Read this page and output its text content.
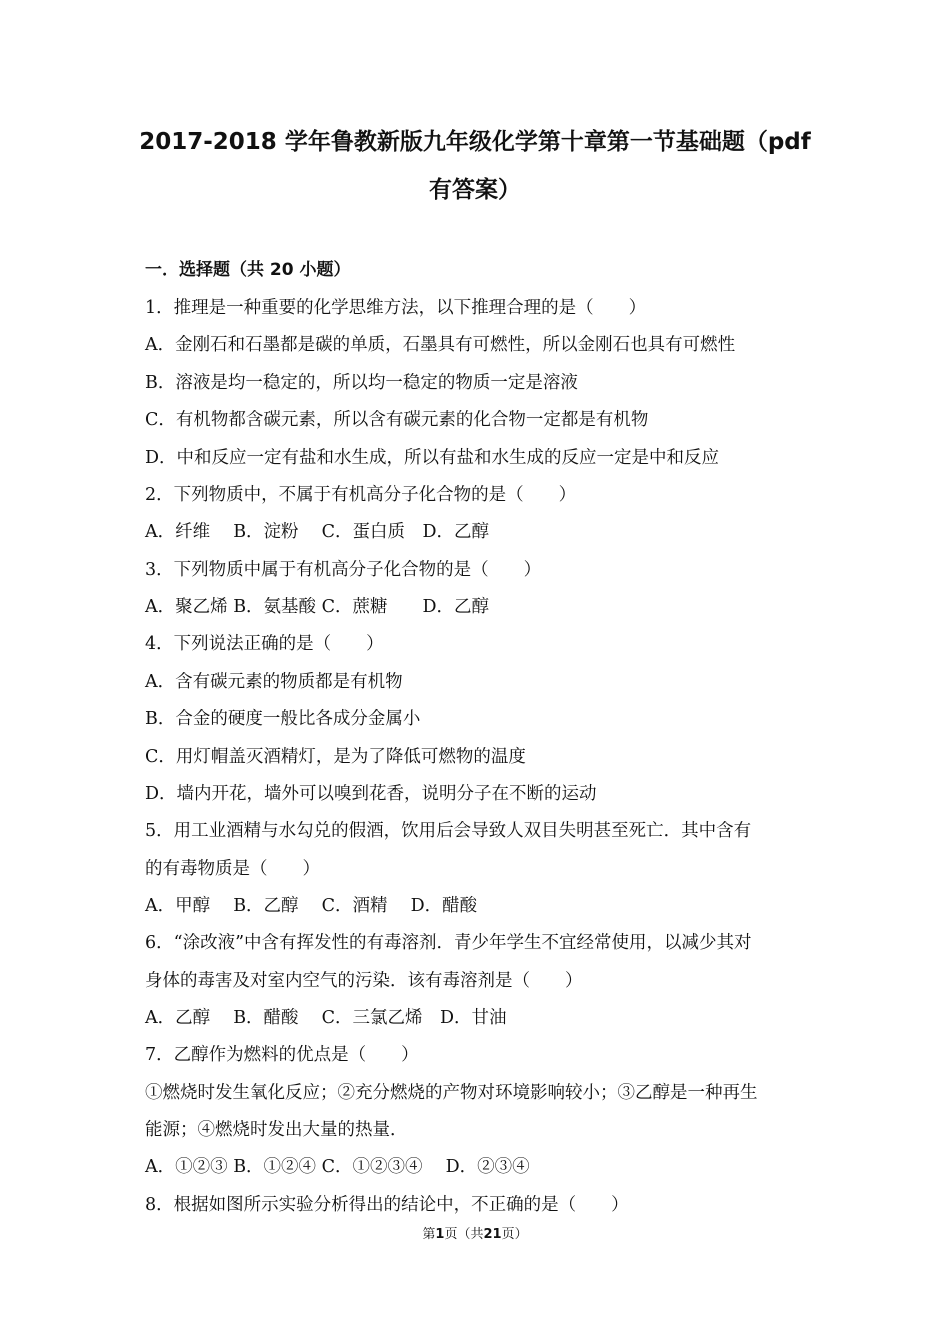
2017-2018 学年鲁教新版九年级化学第十章第一节基础题（pdf
有答案）
一．选择题（共 20 小题）
1．推理是一种重要的化学思维方法，以下推理合理的是（　　）
A．金刚石和石墨都是碳的单质，石墨具有可燃性，所以金刚石也具有可燃性
B．溶液是均一稳定的，所以均一稳定的物质一定是溶液
C．有机物都含碳元素，所以含有碳元素的化合物一定都是有机物
D．中和反应一定有盐和水生成，所以有盐和水生成的反应一定是中和反应
2．下列物质中，不属于有机高分子化合物的是（　　）
A．纤维　 B．淀粉　 C．蛋白质　D．乙醇
3．下列物质中属于有机高分子化合物的是（　　）
A．聚乙烯 B．氨基酸 C．蔗糖　　D．乙醇
4．下列说法正确的是（　　）
A．含有碳元素的物质都是有机物
B．合金的硬度一般比各成分金属小
C．用灯帽盖灭酒精灯，是为了降低可燃物的温度
D．墙内开花，墙外可以嗅到花香，说明分子在不断的运动
5．用工业酒精与水勾兑的假酒，饮用后会导致人双目失明甚至死亡．其中含有
的有毒物质是（　　）
A．甲醇　 B．乙醇　 C．酒精　 D．醋酸
6．“涂改液”中含有挥发性的有毒溶剂．青少年学生不宜经常使用，以减少其对
身体的毒害及对室内空气的污染．该有毒溶剂是（　　）
A．乙醇　 B．醋酸　 C．三氯乙烯　D．甘油
7．乙醇作为燃料的优点是（　　）
①燃烧时发生氧化反应；②充分燃烧的产物对环境影响较小；③乙醇是一种再生
能源；④燃烧时发出大量的热量．
A．①②③ B．①②④ C．①②③④　 D．②③④
8．根据如图所示实验分析得出的结论中，不正确的是（　　）
第1页（共21页）
